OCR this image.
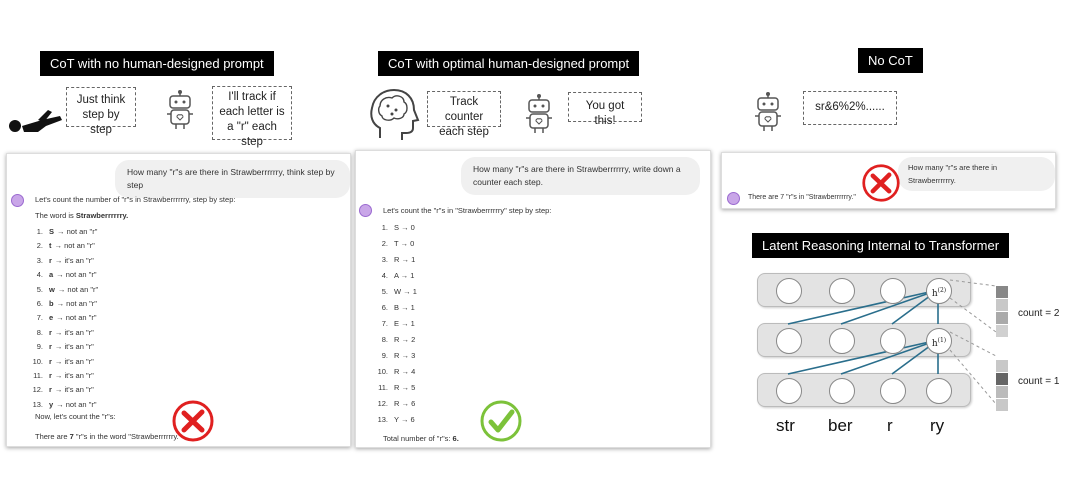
CoT with no human-designed prompt
Just think step by step
I'll track if each letter is a "r" each step
How many "r"s are there in Strawberrrrrry, think step by step
Let's count the number of "r"s in Strawberrrrrry, step by step:
The word is Strawberrrrrry.
1. S → not an "r"
2. t → not an "r"
3. r → it's an "r"
4. a → not an "r"
5. w → not an "r"
6. b → not an "r"
7. e → not an "r"
8. r → it's an "r"
9. r → it's an "r"
10. r → it's an "r"
11. r → it's an "r"
12. r → it's an "r"
13. y → not an "r"
Now, let's count the "r"s:
There are 7 "r"s in the word "Strawberrrrrry."
CoT with optimal human-designed prompt
Track counter each step
You got this!
How many "r"s are there in Strawberrrrrry, write down a counter each step.
Let's count the "r"s in "Strawberrrrrry" step by step:
1. S → 0
2. T → 0
3. R → 1
4. A → 1
5. W → 1
6. B → 1
7. E → 1
8. R → 2
9. R → 3
10. R → 4
11. R → 5
12. R → 6
13. Y → 6
Total number of "r"s: 6.
No CoT
sr&6%2%......
How many "r"s are there in Strawberrrrrry.
There are 7 "r"s in "Strawberrrrrry."
Latent Reasoning Internal to Transformer
$h^{(2)}$
$h^{(1)}$
count = 2
count = 1
str ber r ry
